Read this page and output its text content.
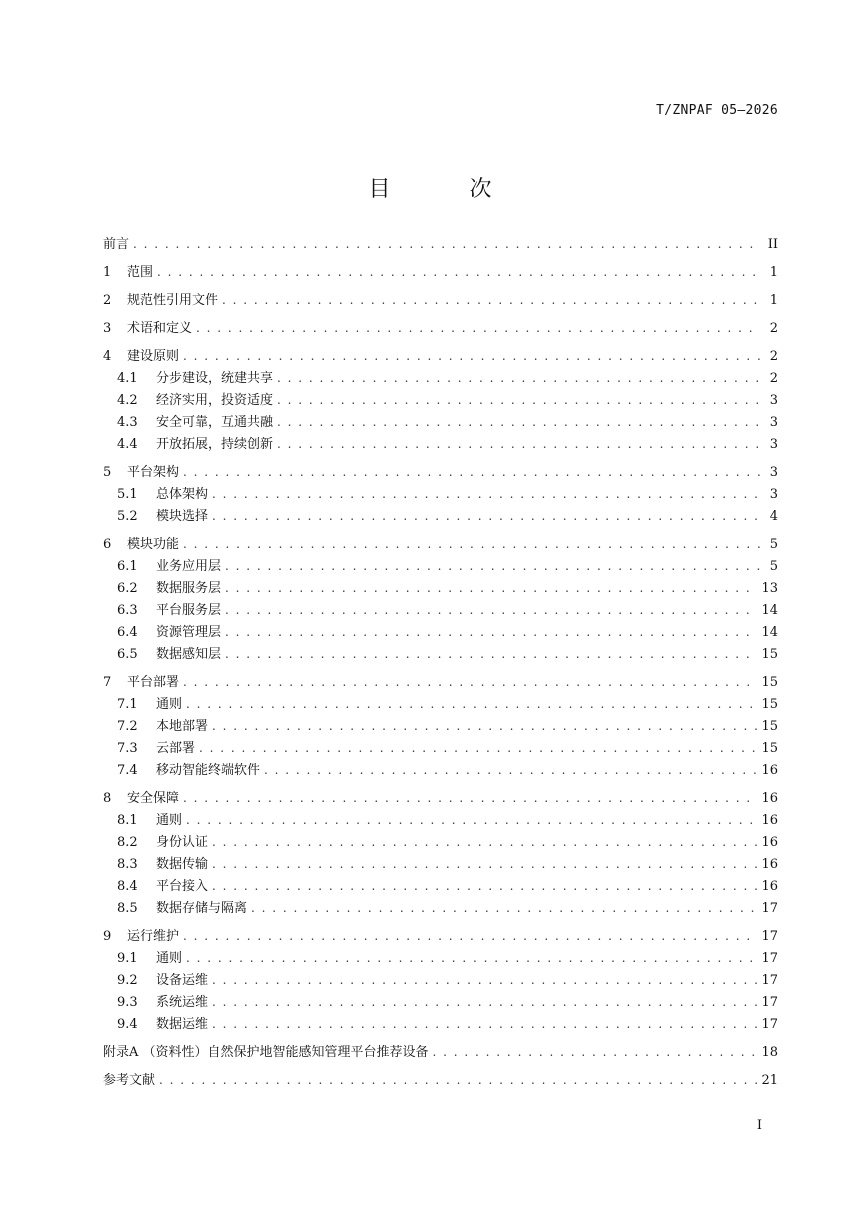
T/ZNPAF 05—2026
目 次
前言 . . .	II
1	范围 . . .	1
2	规范性引用文件 . . .	1
3	术语和定义 . . .	2
4	建设原则 . . .	2
4.1	分步建设，统建共享 . . .	2
4.2	经济实用，投资适度 . . .	3
4.3	安全可靠，互通共融 . . .	3
4.4	开放拓展，持续创新 . . .	3
5	平台架构 . . .	3
5.1	总体架构 . . .	3
5.2	模块选择 . . .	4
6	模块功能 . . .	5
6.1	业务应用层 . . .	5
6.2	数据服务层 . . .	13
6.3	平台服务层 . . .	14
6.4	资源管理层 . . .	14
6.5	数据感知层 . . .	15
7	平台部署 . . .	15
7.1	通则 . . .	15
7.2	本地部署 . . .	15
7.3	云部署 . . .	15
7.4	移动智能终端软件 . . .	16
8	安全保障 . . .	16
8.1	通则 . . .	16
8.2	身份认证 . . .	16
8.3	数据传输 . . .	16
8.4	平台接入 . . .	16
8.5	数据存储与隔离 . . .	17
9	运行维护 . . .	17
9.1	通则 . . .	17
9.2	设备运维 . . .	17
9.3	系统运维 . . .	17
9.4	数据运维 . . .	17
附录A （资料性）自然保护地智能感知管理平台推荐设备 . . .	18
参考文献 . . .	21
I
